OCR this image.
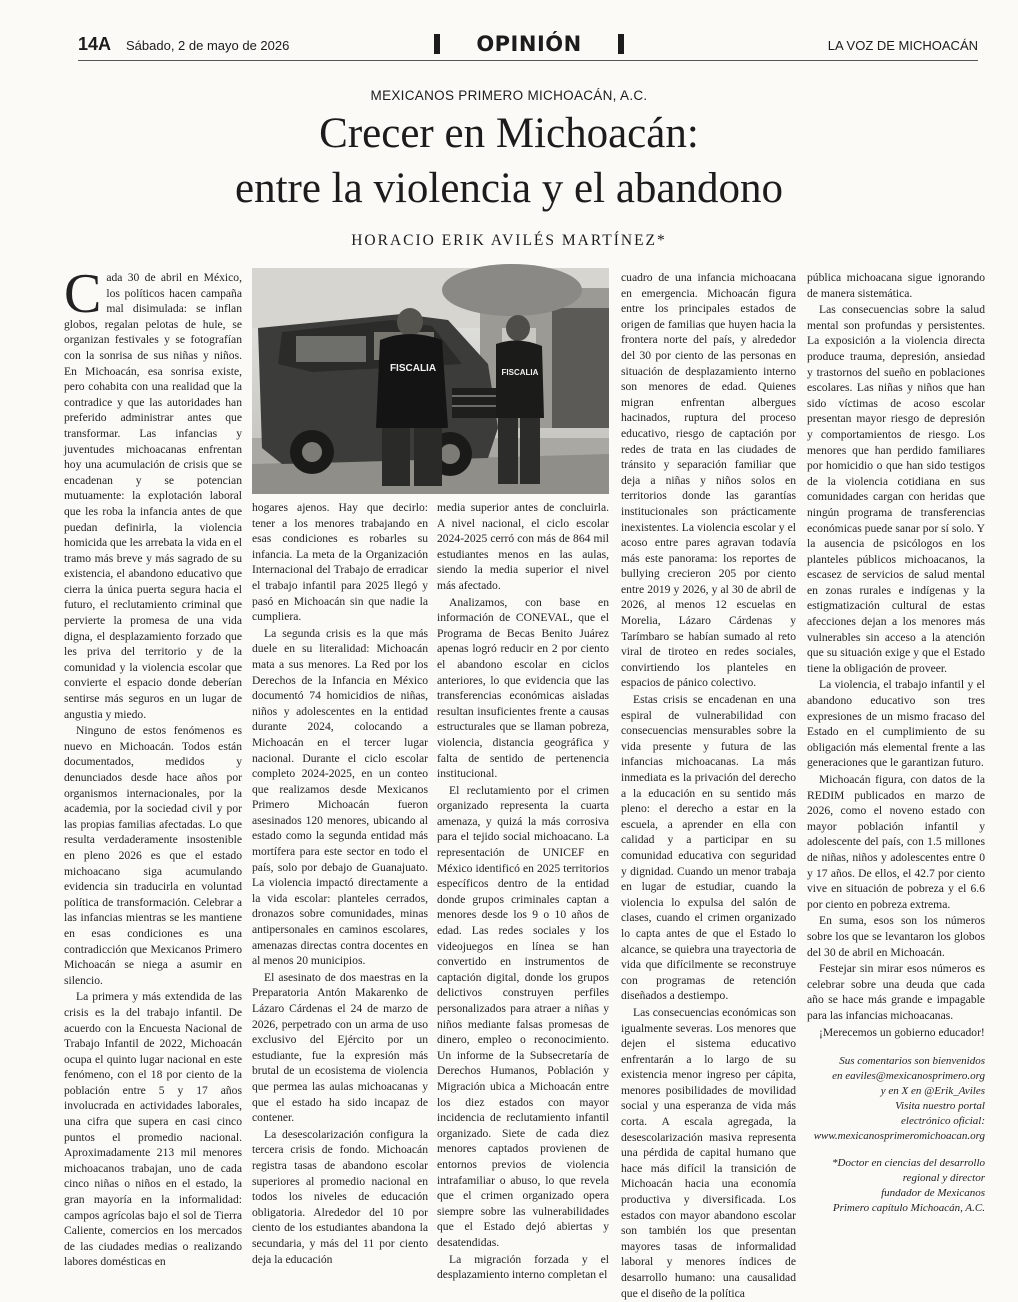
14A Sábado, 2 de mayo de 2026	OPINIÓN	LA VOZ DE MICHOACÁN
MEXICANOS PRIMERO MICHOACÁN, A.C.
Crecer en Michoacán:
entre la violencia y el abandono
HORACIO ERIK AVILÉS MARTÍNEZ*
FISCALIA	FISCALIA

Cada 30 de abril en México, los políticos hacen campaña mal disimulada: se inflan globos, regalan pelotas de hule, se organizan festivales y se fotografían con la sonrisa de sus niñas y niños. En Michoacán, esa sonrisa existe, pero cohabita con una realidad que la contradice y que las autoridades han preferido administrar antes que transformar. Las infancias y juventudes michoacanas enfrentan hoy una acumulación de crisis que se encadenan y se potencian mutuamente: la explotación laboral que les roba la infancia antes de que puedan definirla, la violencia homicida que les arrebata la vida en el tramo más breve y más sagrado de su existencia, el abandono educativo que cierra la única puerta segura hacia el futuro, el reclutamiento criminal que pervierte la promesa de una vida digna, el desplazamiento forzado que les priva del territorio y de la comunidad y la violencia escolar que convierte el espacio donde deberían sentirse más seguros en un lugar de angustia y miedo.

Ninguno de estos fenómenos es nuevo en Michoacán. Todos están documentados, medidos y denunciados desde hace años por organismos internacionales, por la academia, por la sociedad civil y por las propias familias afectadas. Lo que resulta verdaderamente insostenible en pleno 2026 es que el estado michoacano siga acumulando evidencia sin traducirla en voluntad política de transformación. Celebrar a las infancias mientras se les mantiene en esas condiciones es una contradicción que Mexicanos Primero Michoacán se niega a asumir en silencio.

La primera y más extendida de las crisis es la del trabajo infantil. De acuerdo con la Encuesta Nacional de Trabajo Infantil de 2022, Michoacán ocupa el quinto lugar nacional en este fenómeno, con el 18 por ciento de la población entre 5 y 17 años involucrada en actividades laborales, una cifra que supera en casi cinco puntos el promedio nacional. Aproximadamente 213 mil menores michoacanos trabajan, uno de cada cinco niñas o niños en el estado, la gran mayoría en la informalidad: campos agrícolas bajo el sol de Tierra Caliente, comercios en los mercados de las ciudades medias o realizando labores domésticas en

hogares ajenos. Hay que decirlo: tener a los menores trabajando en esas condiciones es robarles su infancia. La meta de la Organización Internacional del Trabajo de erradicar el trabajo infantil para 2025 llegó y pasó en Michoacán sin que nadie la cumpliera.

La segunda crisis es la que más duele en su literalidad: Michoacán mata a sus menores. La Red por los Derechos de la Infancia en México documentó 74 homicidios de niñas, niños y adolescentes en la entidad durante 2024, colocando a Michoacán en el tercer lugar nacional. Durante el ciclo escolar completo 2024-2025, en un conteo que realizamos desde Mexicanos Primero Michoacán fueron asesinados 120 menores, ubicando al estado como la segunda entidad más mortífera para este sector en todo el país, solo por debajo de Guanajuato. La violencia impactó directamente a la vida escolar: planteles cerrados, dronazos sobre comunidades, minas antipersonales en caminos escolares, amenazas directas contra docentes en al menos 20 municipios.

El asesinato de dos maestras en la Preparatoria Antón Makarenko de Lázaro Cárdenas el 24 de marzo de 2026, perpetrado con un arma de uso exclusivo del Ejército por un estudiante, fue la expresión más brutal de un ecosistema de violencia que permea las aulas michoacanas y que el estado ha sido incapaz de contener.

La desescolarización configura la tercera crisis de fondo. Michoacán registra tasas de abandono escolar superiores al promedio nacional en todos los niveles de educación obligatoria. Alrededor del 10 por ciento de los estudiantes abandona la secundaria, y más del 11 por ciento deja la educación

media superior antes de concluirla. A nivel nacional, el ciclo escolar 2024-2025 cerró con más de 864 mil estudiantes menos en las aulas, siendo la media superior el nivel más afectado.

Analizamos, con base en información de CONEVAL, que el Programa de Becas Benito Juárez apenas logró reducir en 2 por ciento el abandono escolar en ciclos anteriores, lo que evidencia que las transferencias económicas aisladas resultan insuficientes frente a causas estructurales que se llaman pobreza, violencia, distancia geográfica y falta de sentido de pertenencia institucional.

El reclutamiento por el crimen organizado representa la cuarta amenaza, y quizá la más corrosiva para el tejido social michoacano. La representación de UNICEF en México identificó en 2025 territorios específicos dentro de la entidad donde grupos criminales captan a menores desde los 9 o 10 años de edad. Las redes sociales y los videojuegos en línea se han convertido en instrumentos de captación digital, donde los grupos delictivos construyen perfiles personalizados para atraer a niñas y niños mediante falsas promesas de dinero, empleo o reconocimiento. Un informe de la Subsecretaría de Derechos Humanos, Población y Migración ubica a Michoacán entre los diez estados con mayor incidencia de reclutamiento infantil organizado. Siete de cada diez menores captados provienen de entornos previos de violencia intrafamiliar o abuso, lo que revela que el crimen organizado opera siempre sobre las vulnerabilidades que el Estado dejó abiertas y desatendidas.

La migración forzada y el desplazamiento interno completan el

cuadro de una infancia michoacana en emergencia. Michoacán figura entre los principales estados de origen de familias que huyen hacia la frontera norte del país, y alrededor del 30 por ciento de las personas en situación de desplazamiento interno son menores de edad. Quienes migran enfrentan albergues hacinados, ruptura del proceso educativo, riesgo de captación por redes de trata en las ciudades de tránsito y separación familiar que deja a niñas y niños solos en territorios donde las garantías institucionales son prácticamente inexistentes. La violencia escolar y el acoso entre pares agravan todavía más este panorama: los reportes de bullying crecieron 205 por ciento entre 2019 y 2026, y al 30 de abril de 2026, al menos 12 escuelas en Morelia, Lázaro Cárdenas y Tarímbaro se habían sumado al reto viral de tiroteo en redes sociales, convirtiendo los planteles en espacios de pánico colectivo.

Estas crisis se encadenan en una espiral de vulnerabilidad con consecuencias mensurables sobre la vida presente y futura de las infancias michoacanas. La más inmediata es la privación del derecho a la educación en su sentido más pleno: el derecho a estar en la escuela, a aprender en ella con calidad y a participar en su comunidad educativa con seguridad y dignidad. Cuando un menor trabaja en lugar de estudiar, cuando la violencia lo expulsa del salón de clases, cuando el crimen organizado lo capta antes de que el Estado lo alcance, se quiebra una trayectoria de vida que difícilmente se reconstruye con programas de retención diseñados a destiempo.

Las consecuencias económicas son igualmente severas. Los menores que dejen el sistema educativo enfrentarán a lo largo de su existencia menor ingreso per cápita, menores posibilidades de movilidad social y una esperanza de vida más corta. A escala agregada, la desescolarización masiva representa una pérdida de capital humano que hace más difícil la transición de Michoacán hacia una economía productiva y diversificada. Los estados con mayor abandono escolar son también los que presentan mayores tasas de informalidad laboral y menores índices de desarrollo humano: una causalidad que el diseño de la política

pública michoacana sigue ignorando de manera sistemática.

Las consecuencias sobre la salud mental son profundas y persistentes. La exposición a la violencia directa produce trauma, depresión, ansiedad y trastornos del sueño en poblaciones escolares. Las niñas y niños que han sido víctimas de acoso escolar presentan mayor riesgo de depresión y comportamientos de riesgo. Los menores que han perdido familiares por homicidio o que han sido testigos de la violencia cotidiana en sus comunidades cargan con heridas que ningún programa de transferencias económicas puede sanar por sí solo. Y la ausencia de psicólogos en los planteles públicos michoacanos, la escasez de servicios de salud mental en zonas rurales e indígenas y la estigmatización cultural de estas afecciones dejan a los menores más vulnerables sin acceso a la atención que su situación exige y que el Estado tiene la obligación de proveer.

La violencia, el trabajo infantil y el abandono educativo son tres expresiones de un mismo fracaso del Estado en el cumplimiento de su obligación más elemental frente a las generaciones que le garantizan futuro.

Michoacán figura, con datos de la REDIM publicados en marzo de 2026, como el noveno estado con mayor población infantil y adolescente del país, con 1.5 millones de niñas, niños y adolescentes entre 0 y 17 años. De ellos, el 42.7 por ciento vive en situación de pobreza y el 6.6 por ciento en pobreza extrema.

En suma, esos son los números sobre los que se levantaron los globos del 30 de abril en Michoacán.

Festejar sin mirar esos números es celebrar sobre una deuda que cada año se hace más grande e impagable para las infancias michoacanas.

¡Merecemos un gobierno educador!

Sus comentarios son bienvenidos
en eaviles@mexicanosprimero.org
y en X en @Erik_Aviles
Visita nuestro portal
electrónico oficial:
www.mexicanosprimeromichoacan.org
*Doctor en ciencias del desarrollo
regional y director
fundador de Mexicanos
Primero capítulo Michoacán, A.C.
